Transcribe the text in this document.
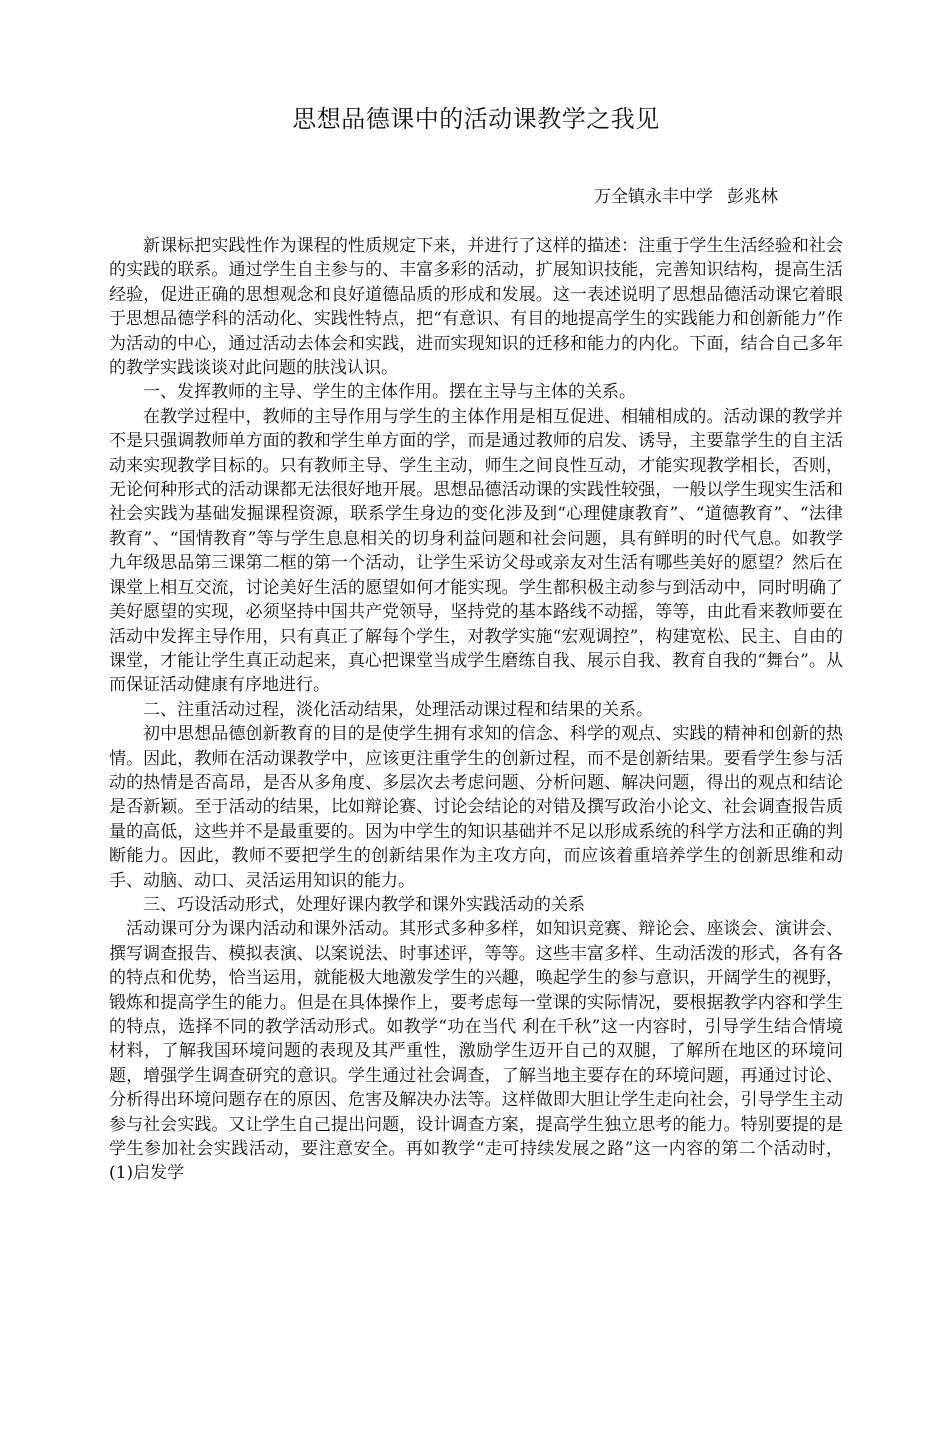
思想品德课中的活动课教学之我见
万全镇永丰中学 彭兆林

新课标把实践性作为课程的性质规定下来，并进行了这样的描述：注重于学生生活经验和社会的实践的联系。通过学生自主参与的、丰富多彩的活动，扩展知识技能，完善知识结构，提高生活经验，促进正确的思想观念和良好道德品质的形成和发展。这一表述说明了思想品德活动课它着眼于思想品德学科的活动化、实践性特点，把“有意识、有目的地提高学生的实践能力和创新能力”作为活动的中心，通过活动去体会和实践，进而实现知识的迁移和能力的内化。下面，结合自己多年的教学实践谈谈对此问题的肤浅认识。

一、发挥教师的主导、学生的主体作用。摆在主导与主体的关系。

在教学过程中，教师的主导作用与学生的主体作用是相互促进、相辅相成的。活动课的教学并不是只强调教师单方面的教和学生单方面的学，而是通过教师的启发、诱导，主要靠学生的自主活动来实现教学目标的。只有教师主导、学生主动，师生之间良性互动，才能实现教学相长，否则，无论何种形式的活动课都无法很好地开展。思想品德活动课的实践性较强，一般以学生现实生活和社会实践为基础发掘课程资源，联系学生身边的变化涉及到“心理健康教育”、“道德教育”、“法律教育”、“国情教育”等与学生息息相关的切身利益问题和社会问题，具有鲜明的时代气息。如教学九年级思品第三课第二框的第一个活动，让学生采访父母或亲友对生活有哪些美好的愿望？然后在课堂上相互交流，讨论美好生活的愿望如何才能实现。学生都积极主动参与到活动中，同时明确了美好愿望的实现，必须坚持中国共产党领导，坚持党的基本路线不动摇，等等，由此看来教师要在活动中发挥主导作用，只有真正了解每个学生，对教学实施“宏观调控”，构建宽松、民主、自由的课堂，才能让学生真正动起来，真心把课堂当成学生磨练自我、展示自我、教育自我的“舞台”。从而保证活动健康有序地进行。

二、注重活动过程，淡化活动结果，处理活动课过程和结果的关系。

初中思想品德创新教育的目的是使学生拥有求知的信念、科学的观点、实践的精神和创新的热情。因此，教师在活动课教学中，应该更注重学生的创新过程，而不是创新结果。要看学生参与活动的热情是否高昂，是否从多角度、多层次去考虑问题、分析问题、解决问题，得出的观点和结论是否新颖。至于活动的结果，比如辩论赛、讨论会结论的对错及撰写政治小论文、社会调查报告质量的高低，这些并不是最重要的。因为中学生的知识基础并不足以形成系统的科学方法和正确的判断能力。因此，教师不要把学生的创新结果作为主攻方向，而应该着重培养学生的创新思维和动手、动脑、动口、灵活运用知识的能力。

三、巧设活动形式，处理好课内教学和课外实践活动的关系

活动课可分为课内活动和课外活动。其形式多种多样，如知识竞赛、辩论会、座谈会、演讲会、撰写调查报告、模拟表演、以案说法、时事述评，等等。这些丰富多样、生动活泼的形式，各有各的特点和优势，恰当运用，就能极大地激发学生的兴趣，唤起学生的参与意识，开阔学生的视野，锻炼和提高学生的能力。但是在具体操作上，要考虑每一堂课的实际情况，要根据教学内容和学生的特点，选择不同的教学活动形式。如教学“功在当代 利在千秋”这一内容时，引导学生结合情境材料，了解我国环境问题的表现及其严重性，激励学生迈开自己的双腿，了解所在地区的环境问题，增强学生调查研究的意识。学生通过社会调查，了解当地主要存在的环境问题，再通过讨论、分析得出环境问题存在的原因、危害及解决办法等。这样做即大胆让学生走向社会，引导学生主动参与社会实践。又让学生自己提出问题，设计调查方案，提高学生独立思考的能力。特别要提的是学生参加社会实践活动，要注意安全。再如教学“走可持续发展之路”这一内容的第二个活动时，(1)启发学
